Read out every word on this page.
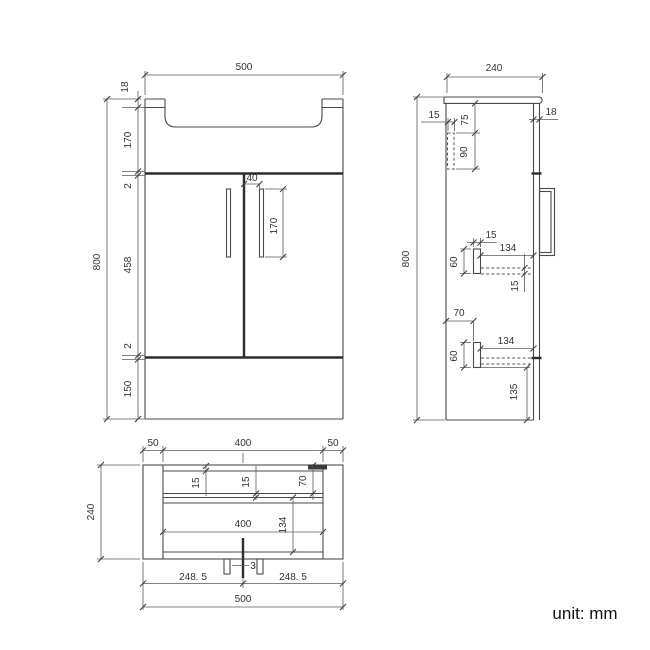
500
18
170
2
458
2
150
800
40
170
240
800
15 75
90
18
15
134
60
15
70
134
60
135
50	400	50
240
15	15	70
400	134
3
248. 5	248. 5
500
unit: mm
